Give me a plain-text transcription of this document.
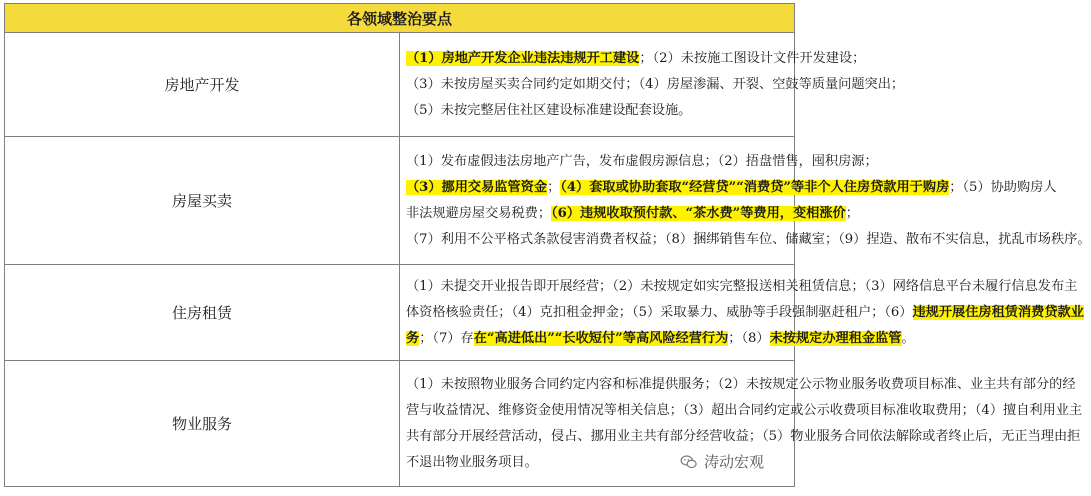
各领域整治要点	
房地产开发	（1）房地产开发企业违法违规开工建设；（2）未按施工图设计文件开发建设；
（3）未按房屋买卖合同约定如期交付；（4）房屋渗漏、开裂、空鼓等质量问题突出；
（5）未按完整居住社区建设标准建设配套设施。

房屋买卖	（1）发布虚假违法房地产广告，发布虚假房源信息；（2）捂盘惜售，囤积房源；
（3）挪用交易监管资金；（4）套取或协助套取“经营贷”“消费贷”等非个人住房贷款用于购房；（5）协助购房人
非法规避房屋交易税费；（6）违规收取预付款、“茶水费”等费用，变相涨价；
（7）利用不公平格式条款侵害消费者权益；（8）捆绑销售车位、储藏室；（9）捏造、散布不实信息，扰乱市场秩序。

住房租赁	（1）未提交开业报告即开展经营；（2）未按规定如实完整报送相关租赁信息；（3）网络信息平台未履行信息发布主
体资格核验责任；（4）克扣租金押金；（5）采取暴力、威胁等手段强制驱赶租户；（6）违规开展住房租赁消费贷款业
务；（7）存在“高进低出”“长收短付”等高风险经营行为；（8）未按规定办理租金监管。

物业服务	（1）未按照物业服务合同约定内容和标准提供服务；（2）未按规定公示物业服务收费项目标准、业主共有部分的经
营与收益情况、维修资金使用情况等相关信息；（3）超出合同约定或公示收费项目标准收取费用；（4）擅自利用业主
共有部分开展经营活动，侵占、挪用业主共有部分经营收益；（5）物业服务合同依法解除或者终止后，无正当理由拒
不退出物业服务项目。	涛动宏观
